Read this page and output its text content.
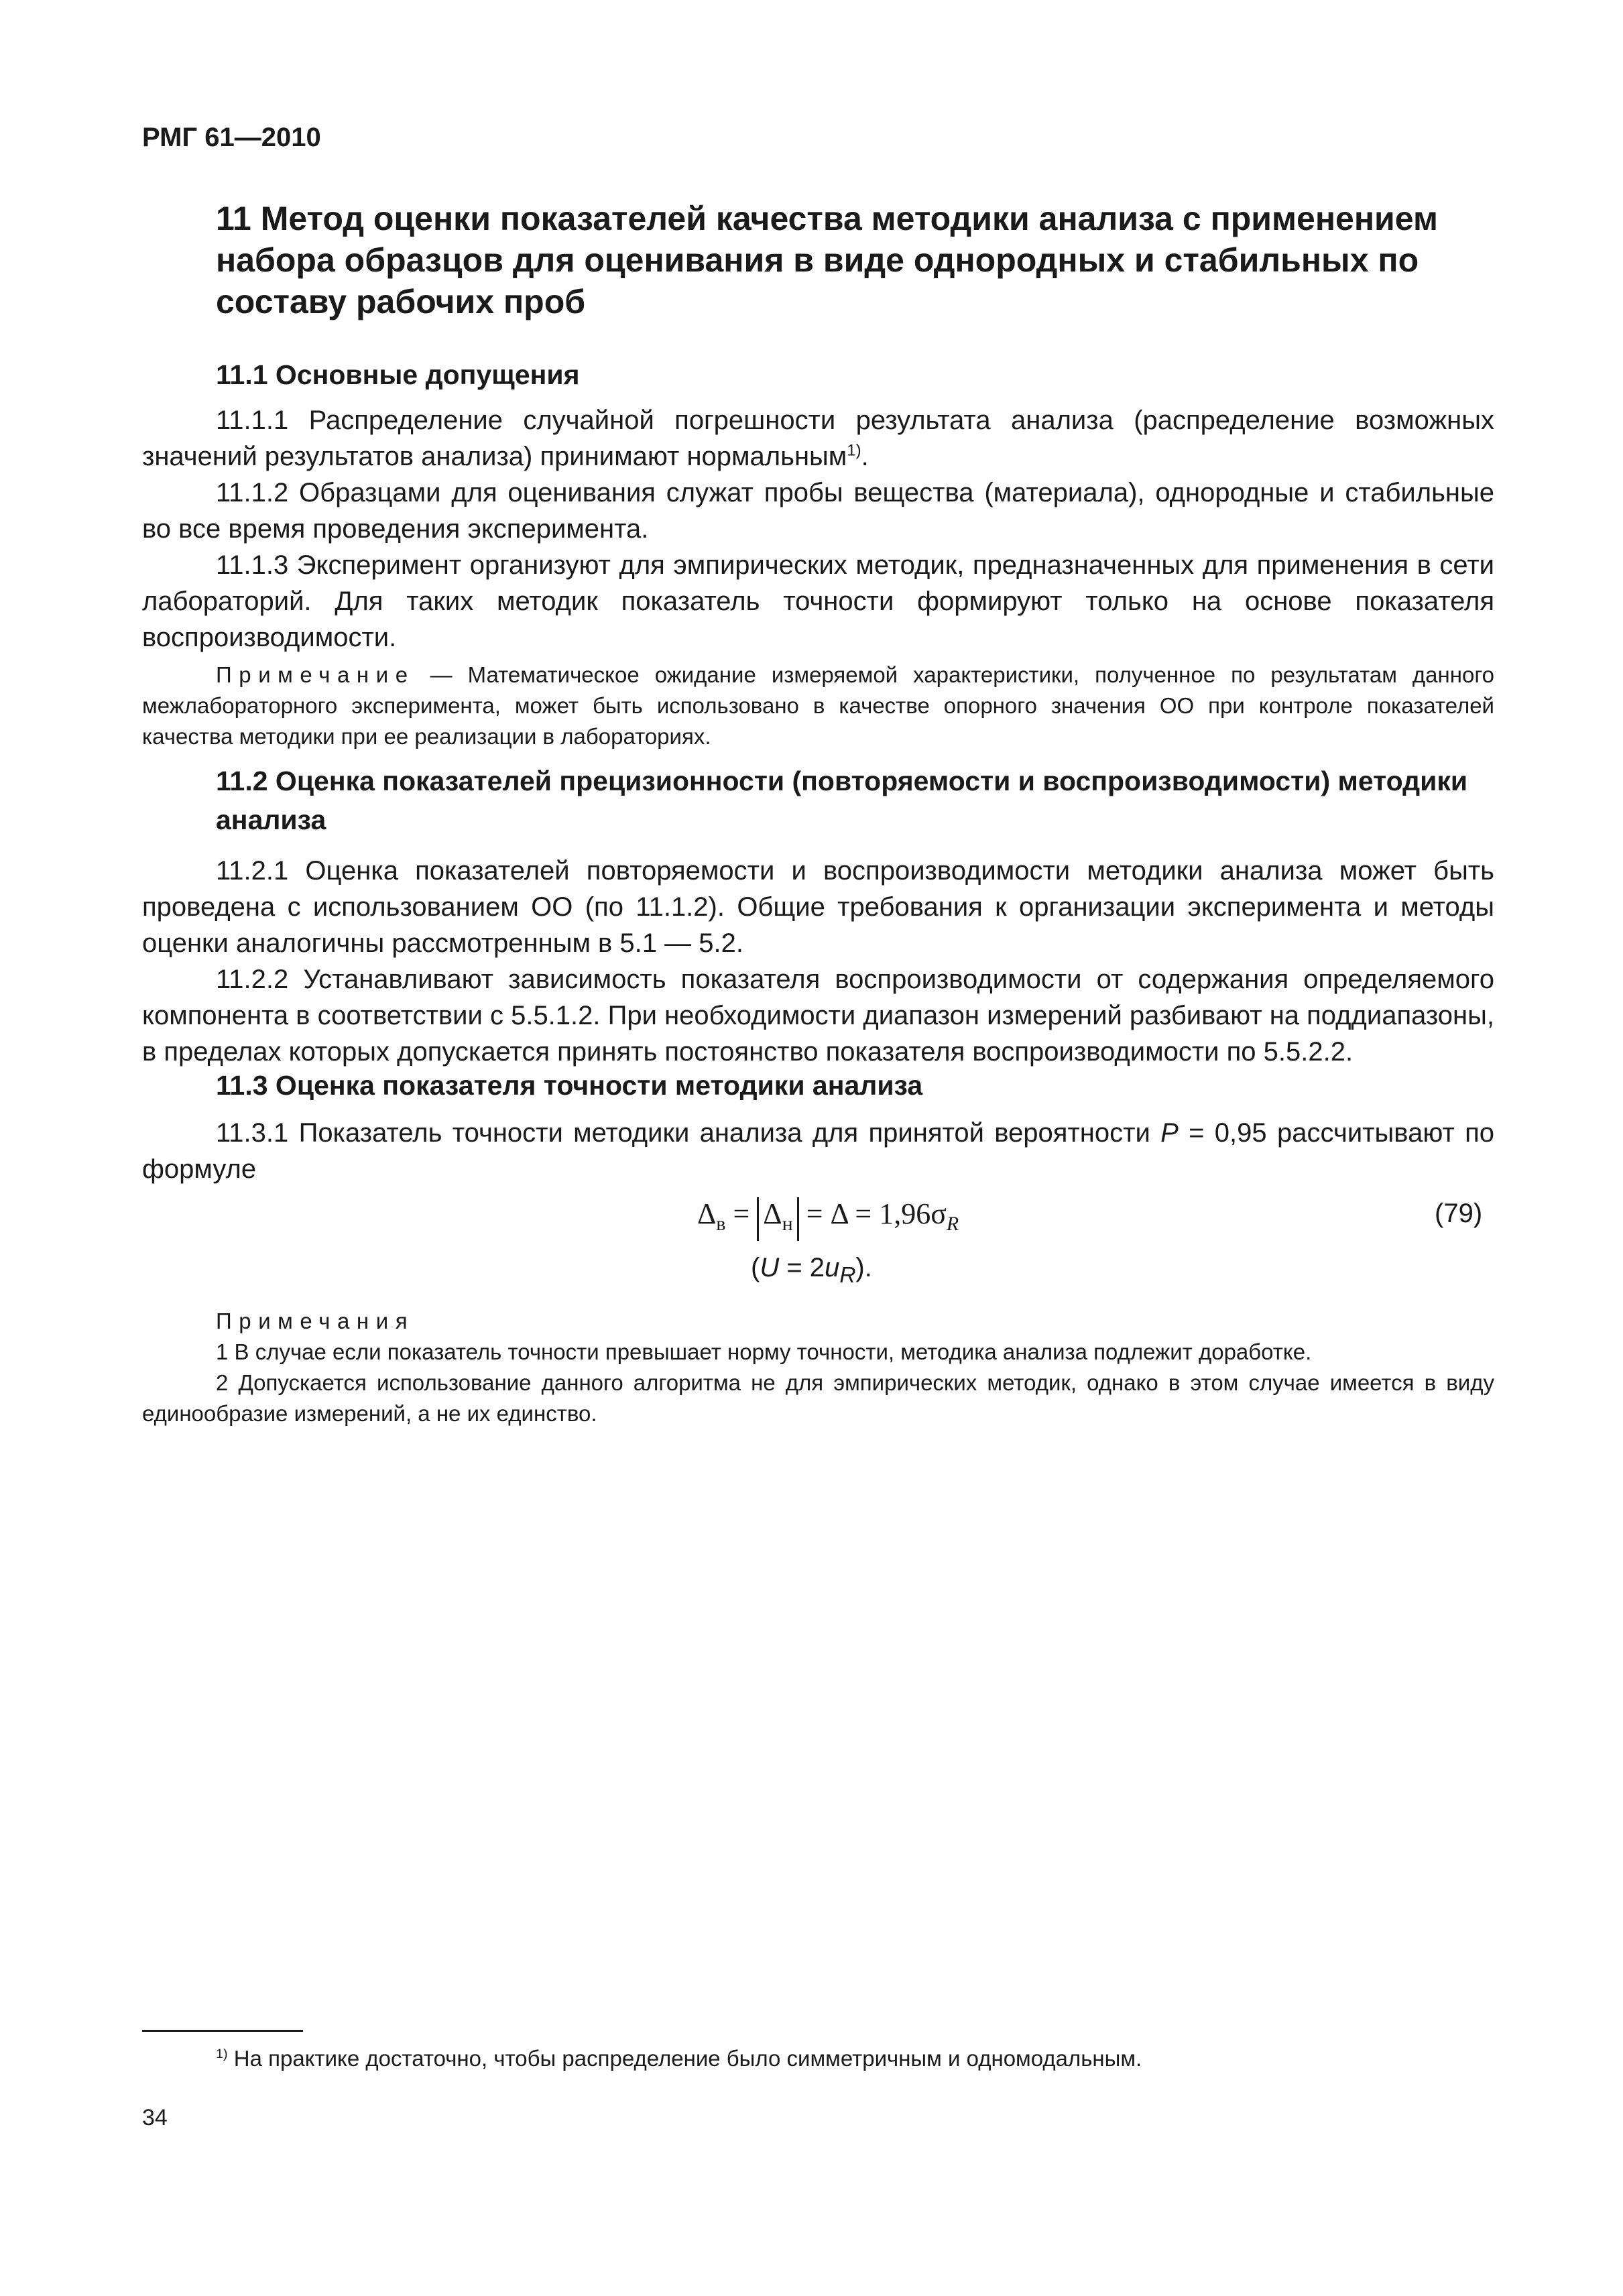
РМГ 61—2010
11 Метод оценки показателей качества методики анализа с применением набора образцов для оценивания в виде однородных и стабильных по составу рабочих проб
11.1 Основные допущения
11.1.1 Распределение случайной погрешности результата анализа (распределение возможных значений результатов анализа) принимают нормальным$^{1)}$.
11.1.2 Образцами для оценивания служат пробы вещества (материала), однородные и стабильные во все время проведения эксперимента.
11.1.3 Эксперимент организуют для эмпирических методик, предназначенных для применения в сети лабораторий. Для таких методик показатель точности формируют только на основе показателя воспроизводимости.
Примечание — Математическое ожидание измеряемой характеристики, полученное по результатам данного межлабораторного эксперимента, может быть использовано в качестве опорного значения ОО при контроле показателей качества методики при ее реализации в лабораториях.
11.2 Оценка показателей прецизионности (повторяемости и воспроизводимости) методики анализа
11.2.1 Оценка показателей повторяемости и воспроизводимости методики анализа может быть проведена с использованием ОО (по 11.1.2). Общие требования к организации эксперимента и методы оценки аналогичны рассмотренным в 5.1 — 5.2.
11.2.2 Устанавливают зависимость показателя воспроизводимости от содержания определяемого компонента в соответствии с 5.5.1.2. При необходимости диапазон измерений разбивают на поддиапазоны, в пределах которых допускается принять постоянство показателя воспроизводимости по 5.5.2.2.
11.3 Оценка показателя точности методики анализа
11.3.1 Показатель точности методики анализа для принятой вероятности P = 0,95 рассчитывают по формуле
$\Delta_в = \Delta_н = \Delta = 1,96\sigma_R$	(79)
$(U = 2u_R)$.
Примечания
1 В случае если показатель точности превышает норму точности, методика анализа подлежит доработке.
2 Допускается использование данного алгоритма не для эмпирических методик, однако в этом случае имеется в виду единообразие измерений, а не их единство.
$^{1)}$ На практике достаточно, чтобы распределение было симметричным и одномодальным.
34
